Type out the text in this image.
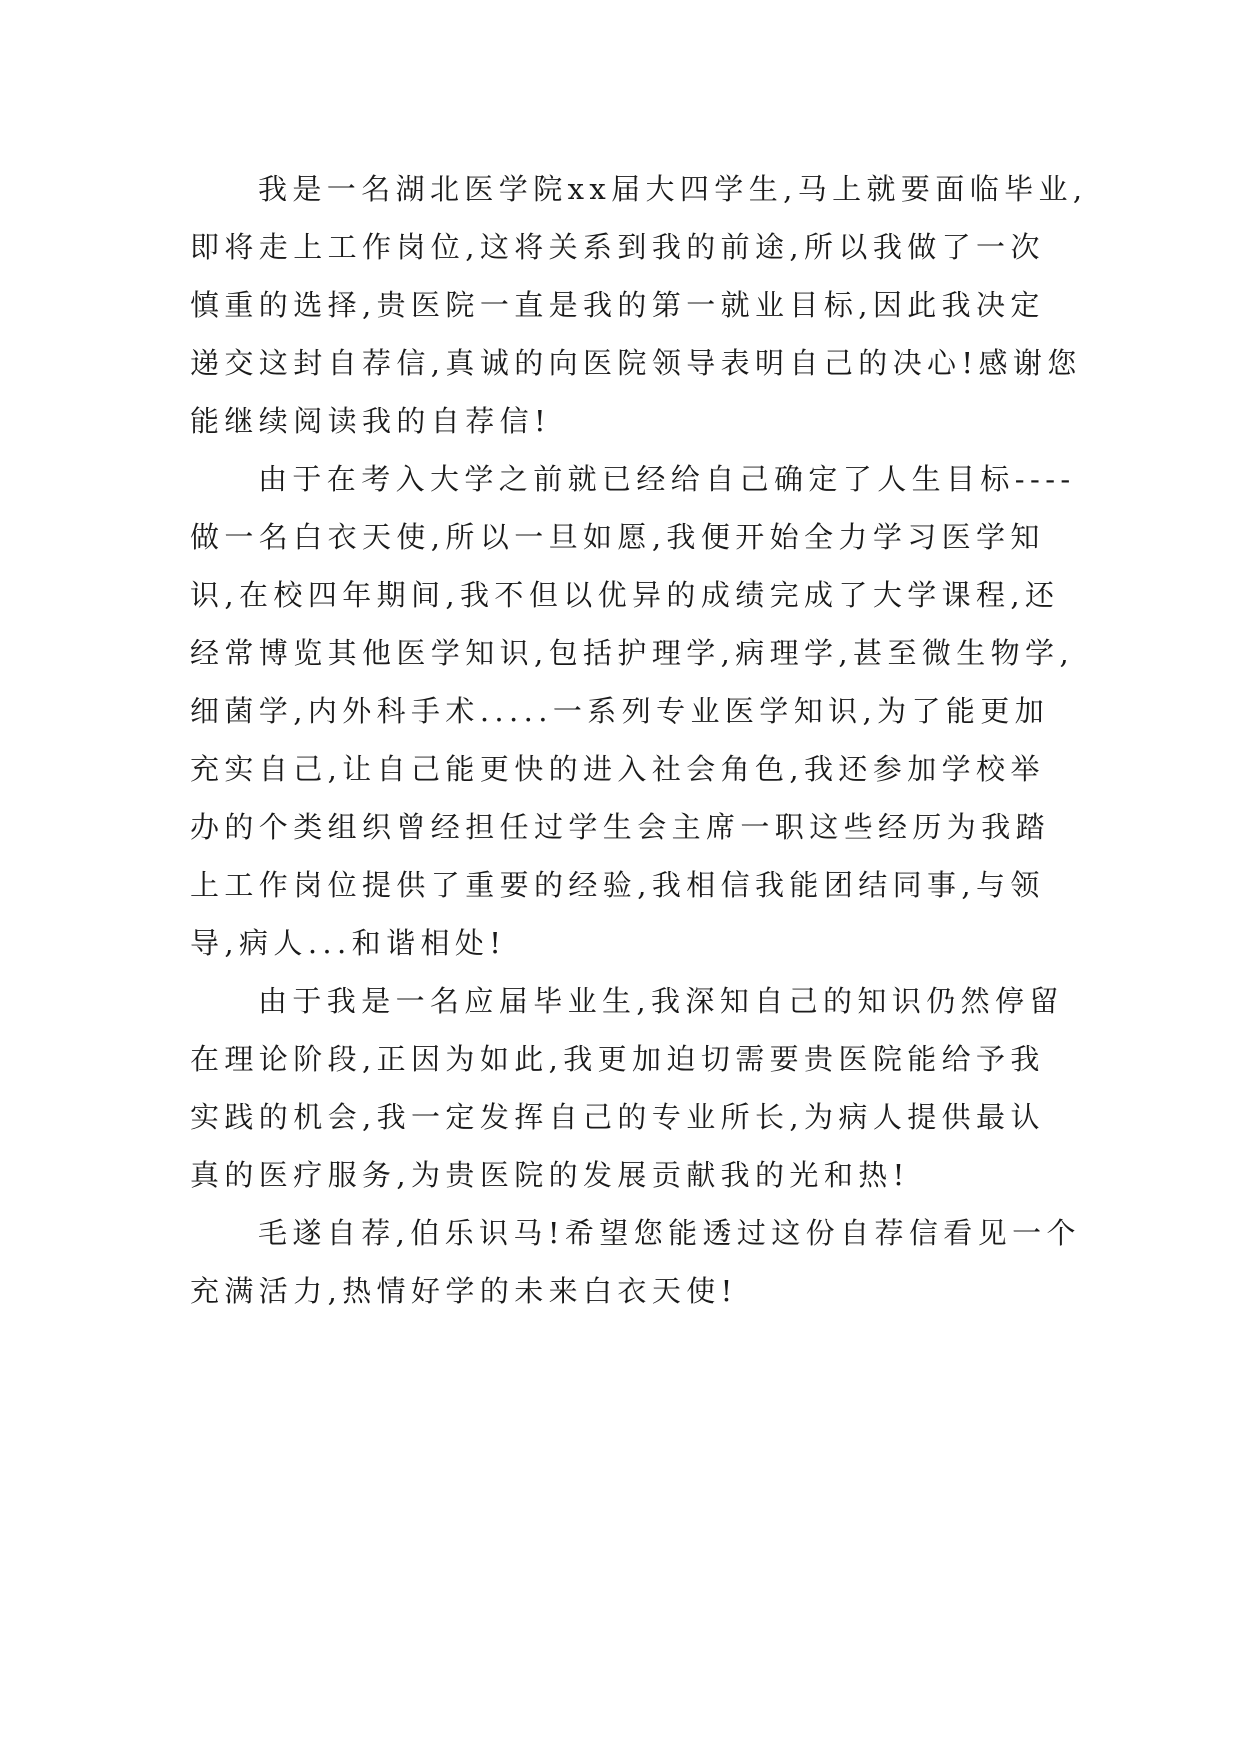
我是一名湖北医学院xx届大四学生,马上就要面临毕业,

即将走上工作岗位,这将关系到我的前途,所以我做了一次

慎重的选择,贵医院一直是我的第一就业目标,因此我决定

递交这封自荐信,真诚的向医院领导表明自己的决心!感谢您

能继续阅读我的自荐信!

由于在考入大学之前就已经给自己确定了人生目标----

做一名白衣天使,所以一旦如愿,我便开始全力学习医学知

识,在校四年期间,我不但以优异的成绩完成了大学课程,还

经常博览其他医学知识,包括护理学,病理学,甚至微生物学,

细菌学,内外科手术.....一系列专业医学知识,为了能更加

充实自己,让自己能更快的进入社会角色,我还参加学校举

办的个类组织曾经担任过学生会主席一职这些经历为我踏

上工作岗位提供了重要的经验,我相信我能团结同事,与领

导,病人...和谐相处!

由于我是一名应届毕业生,我深知自己的知识仍然停留

在理论阶段,正因为如此,我更加迫切需要贵医院能给予我

实践的机会,我一定发挥自己的专业所长,为病人提供最认

真的医疗服务,为贵医院的发展贡献我的光和热!

毛遂自荐,伯乐识马!希望您能透过这份自荐信看见一个

充满活力,热情好学的未来白衣天使!
